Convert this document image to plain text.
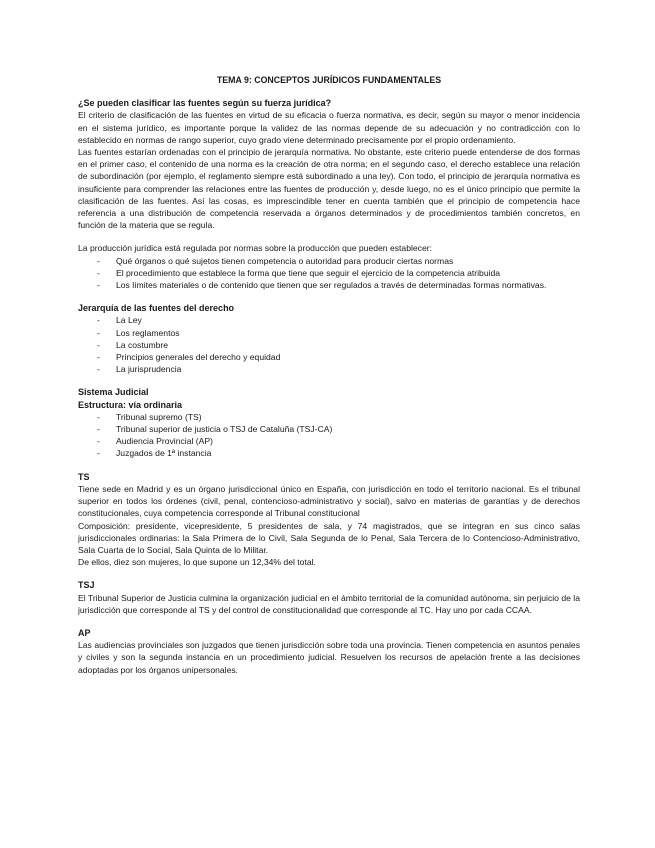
TEMA 9: CONCEPTOS JURÍDICOS FUNDAMENTALES
¿Se pueden clasificar las fuentes según su fuerza jurídica?

El criterio de clasificación de las fuentes en virtud de su eficacia o fuerza normativa, es decir, según su mayor o menor incidencia en el sistema jurídico, es importante porque la validez de las normas depende de su adecuación y no contradicción con lo establecido en normas de rango superior, cuyo grado viene determinado precisamente por el propio ordenamiento.

Las fuentes estarían ordenadas con el principio de jerarquía normativa. No obstante, este criterio puede entenderse de dos formas en el primer caso, el contenido de una norma es la creación de otra norma; en el segundo caso, el derecho establece una relación de subordinación (por ejemplo, el reglamento siempre está subordinado a una ley). Con todo, el principio de jerarquía normativa es insuficiente para comprender las relaciones entre las fuentes de producción y, desde luego, no es el único principio que permite la clasificación de las fuentes. Así las cosas, es imprescindible tener en cuenta también que el principio de competencia hace referencia a una distribución de competencia reservada a órganos determinados y de procedimientos también concretos, en función de la materia que se regula.

La producción jurídica está regulada por normas sobre la producción que pueden establecer:

- Qué órganos o qué sujetos tienen competencia o autoridad para producir ciertas normas
- El procedimiento que establece la forma que tiene que seguir el ejercicio de la competencia atribuida
- Los límites materiales o de contenido que tienen que ser regulados a través de determinadas formas normativas.
Jerarquía de las fuentes del derecho
- La Ley
- Los reglamentos
- La costumbre
- Principios generales del derecho y equidad
- La jurisprudencia
Sistema Judicial
Estructura: vía ordinaria
- Tribunal supremo (TS)
- Tribunal superior de justicia o TSJ de Cataluña (TSJ-CA)
- Audiencia Provincial (AP)
- Juzgados de 1ª instancia
TS

Tiene sede en Madrid y es un órgano jurisdiccional único en España, con jurisdicción en todo el territorio nacional. Es el tribunal superior en todos los órdenes (civil, penal, contencioso-administrativo y social), salvo en materias de garantías y de derechos constitucionales, cuya competencia corresponde al Tribunal constitucional

Composición: presidente, vicepresidente, 5 presidentes de sala, y 74 magistrados, que se integran en sus cinco salas jurisdiccionales ordinarias: la Sala Primera de lo Civil, Sala Segunda de lo Penal, Sala Tercera de lo Contencioso-Administrativo, Sala Cuarta de lo Social, Sala Quinta de lo Militar.

De ellos, diez son mujeres, lo que supone un 12,34% del total.

TSJ

El Tribunal Superior de Justicia culmina la organización judicial en el ámbito territorial de la comunidad autónoma, sin perjuicio de la jurisdicción que corresponde al TS y del control de constitucionalidad que corresponde al TC. Hay uno por cada CCAA.

AP

Las audiencias provinciales son juzgados que tienen jurisdicción sobre toda una provincia. Tienen competencia en asuntos penales y civiles y son la segunda instancia en un procedimiento judicial. Resuelven los recursos de apelación frente a las decisiones adoptadas por los órganos unipersonales.
